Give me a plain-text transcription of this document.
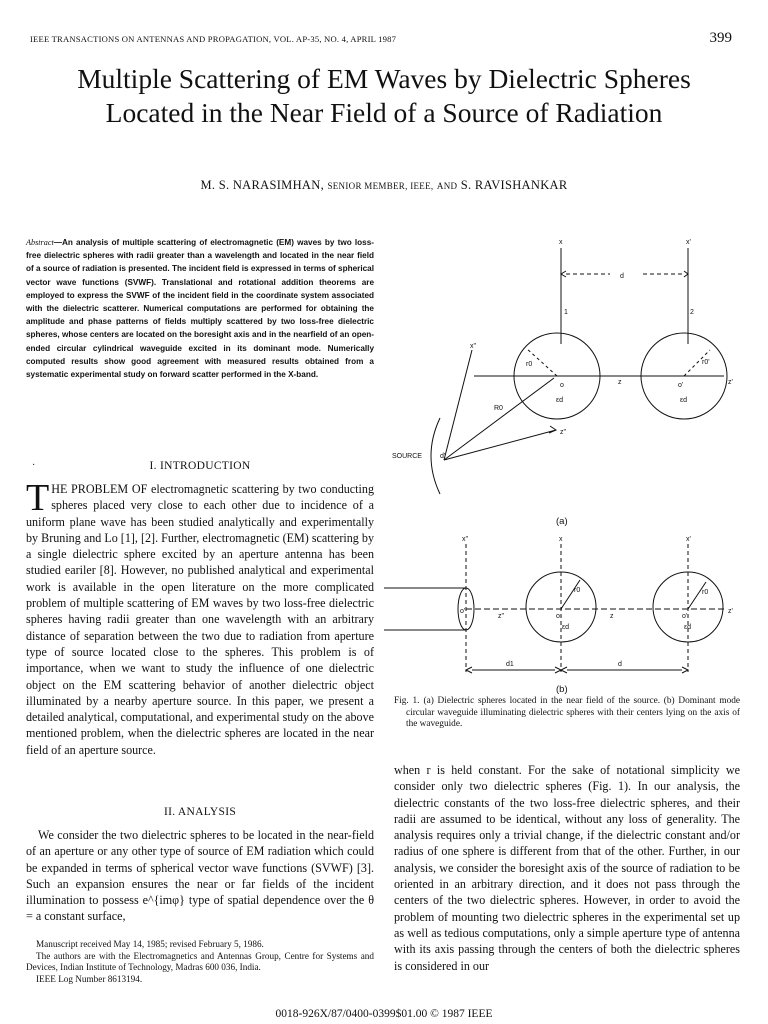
IEEE TRANSACTIONS ON ANTENNAS AND PROPAGATION, VOL. AP-35, NO. 4, APRIL 1987	399
Multiple Scattering of EM Waves by Dielectric Spheres Located in the Near Field of a Source of Radiation
M. S. NARASIMHAN, SENIOR MEMBER, IEEE, AND S. RAVISHANKAR
Abstract—An analysis of multiple scattering of electromagnetic (EM) waves by two loss-free dielectric spheres with radii greater than a wavelength and located in the near field of a source of radiation is presented. The incident field is expressed in terms of spherical vector wave functions (SVWF). Translational and rotational addition theorems are employed to express the SVWF of the incident field in the coordinate system associated with the dielectric scatterer. Numerical computations are performed for obtaining the amplitude and phase patterns of fields multiply scattered by two loss-free dielectric spheres, whose centers are located on the boresight axis and in the nearfield of an open-ended circular cylindrical waveguide excited in its dominant mode. Numerically computed results show good agreement with measured results obtained from a systematic experimental study on forward scatter performed in the X-band.
·	I. INTRODUCTION

THE PROBLEM OF electromagnetic scattering by two conducting spheres placed very close to each other due to incidence of a uniform plane wave has been studied analytically and experimentally by Bruning and Lo [1], [2]. Further, electromagnetic (EM) scattering by a single dielectric sphere excited by an aperture antenna has been studied eariler [8]. However, no published analytical and experimental work is available in the open literature on the more complicated problem of multiple scattering of EM waves by two loss-free dielectric spheres having radii greater than one wavelength with an arbitrary distance of separation between the two due to radiation from aperture type of source located close to the spheres. This problem is of importance, when we want to study the influence of one dielectric object on the EM scattering behavior of another dielectric object illuminated by a nearby aperture source. In this paper, we present a detailed analytical, computational, and experimental study on the above mentioned problem, when the dielectric spheres are located in the near field of an aperture source.

II. ANALYSIS

We consider the two dielectric spheres to be located in the near-field of an aperture or any other type of source of EM radiation which could be expanded in terms of spherical vector wave functions (SVWF) [3]. Such an expansion ensures the near or far fields of the incident illumination to possess e^{imφ} type of spatial dependence over the θ = a constant surface,

Manuscript received May 14, 1985; revised February 5, 1986.

The authors are with the Electromagnetics and Antennas Group, Centre for Systems and Devices, Indian Institute of Technology, Madras 600 036, India.

IEEE Log Number 8613194.

x	x'
d
1	2
r0	r0'
o	o'
z	z'
εd	εd
x''
R0
z''
d'
SOURCE
x''	x	x'
o''
z''	o	z	o'
z'
r0	r0
εd	εd
d1	d
(a)
(b)

Fig. 1. (a) Dielectric spheres located in the near field of the source. (b) Dominant mode circular waveguide illuminating dielectric spheres with their centers lying on the axis of the waveguide.

when r is held constant. For the sake of notational simplicity we consider only two dielectric spheres (Fig. 1). In our analysis, the dielectric constants of the two loss-free dielectric spheres, and their radii are assumed to be identical, without any loss of generality. The analysis requires only a trivial change, if the dielectric constant and/or radius of one sphere is different from that of the other. Further, in our analysis, we consider the boresight axis of the source of radiation to be oriented in an arbitrary direction, and it does not pass through the centers of the two dielectric spheres. However, in order to avoid the problem of mounting two dielectric spheres in the experimental set up as well as tedious computations, only a simple aperture type of antenna with its axis passing through the centers of both the dielectric spheres is considered in our

0018-926X/87/0400-0399$01.00 © 1987 IEEE
